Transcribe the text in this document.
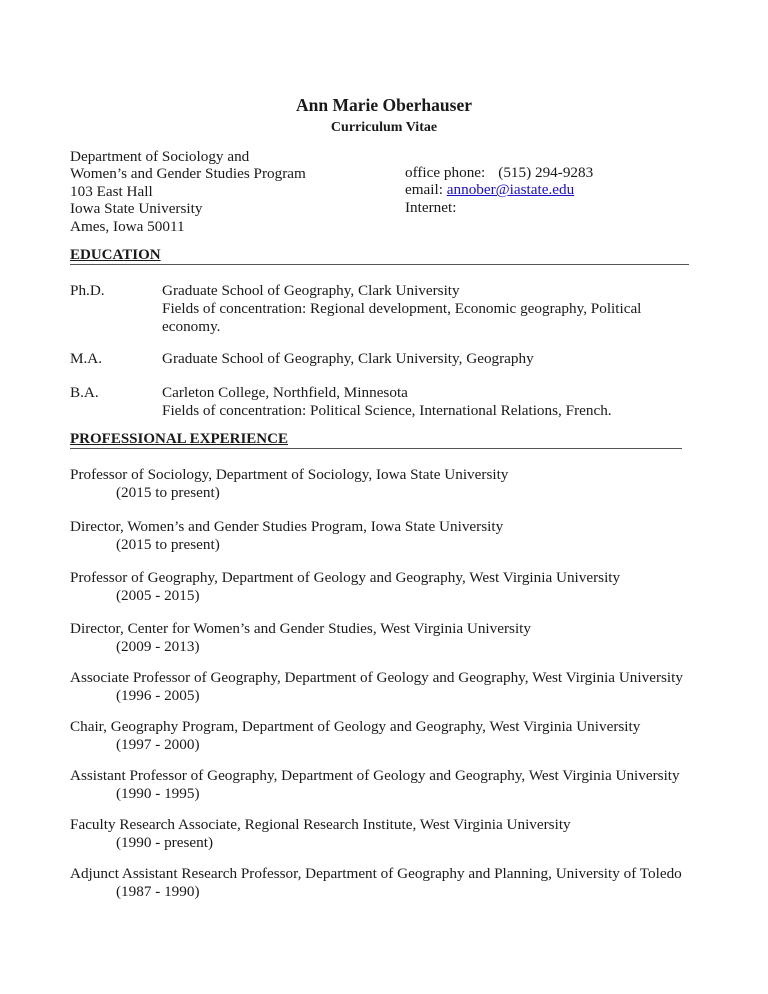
Ann Marie Oberhauser
Curriculum Vitae
Department of Sociology and
Women’s and Gender Studies Program
103 East Hall
Iowa State University
Ames, Iowa 50011
office phone: (515) 294-9283
email: annober@iastate.edu
Internet:
EDUCATION
Ph.D.	Graduate School of Geography, Clark University
Fields of concentration: Regional development, Economic geography, Political
economy.
M.A.	Graduate School of Geography, Clark University, Geography
B.A.	Carleton College, Northfield, Minnesota
Fields of concentration: Political Science, International Relations, French.
PROFESSIONAL EXPERIENCE
Professor of Sociology, Department of Sociology, Iowa State University
(2015 to present)
Director, Women’s and Gender Studies Program, Iowa State University
(2015 to present)
Professor of Geography, Department of Geology and Geography, West Virginia University
(2005 - 2015)
Director, Center for Women’s and Gender Studies, West Virginia University
(2009 - 2013)
Associate Professor of Geography, Department of Geology and Geography, West Virginia University
(1996 - 2005)
Chair, Geography Program, Department of Geology and Geography, West Virginia University
(1997 - 2000)
Assistant Professor of Geography, Department of Geology and Geography, West Virginia University
(1990 - 1995)
Faculty Research Associate, Regional Research Institute, West Virginia University
(1990 - present)
Adjunct Assistant Research Professor, Department of Geography and Planning, University of Toledo
(1987 - 1990)
